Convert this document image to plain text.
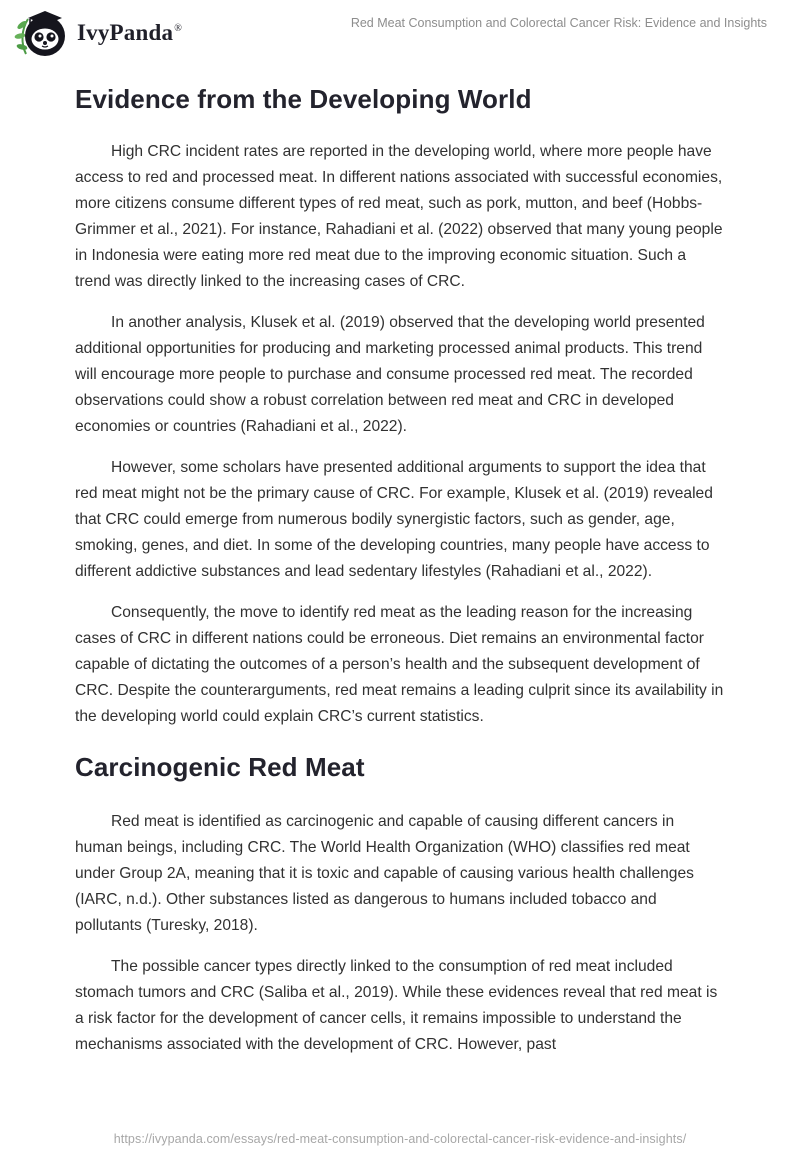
IvyPanda®	Red Meat Consumption and Colorectal Cancer Risk: Evidence and Insights
Evidence from the Developing World

High CRC incident rates are reported in the developing world, where more people have access to red and processed meat. In different nations associated with successful economies, more citizens consume different types of red meat, such as pork, mutton, and beef (Hobbs-Grimmer et al., 2021). For instance, Rahadiani et al. (2022) observed that many young people in Indonesia were eating more red meat due to the improving economic situation. Such a trend was directly linked to the increasing cases of CRC.

In another analysis, Klusek et al. (2019) observed that the developing world presented additional opportunities for producing and marketing processed animal products. This trend will encourage more people to purchase and consume processed red meat. The recorded observations could show a robust correlation between red meat and CRC in developed economies or countries (Rahadiani et al., 2022).

However, some scholars have presented additional arguments to support the idea that red meat might not be the primary cause of CRC. For example, Klusek et al. (2019) revealed that CRC could emerge from numerous bodily synergistic factors, such as gender, age, smoking, genes, and diet. In some of the developing countries, many people have access to different addictive substances and lead sedentary lifestyles (Rahadiani et al., 2022).

Consequently, the move to identify red meat as the leading reason for the increasing cases of CRC in different nations could be erroneous. Diet remains an environmental factor capable of dictating the outcomes of a person’s health and the subsequent development of CRC. Despite the counterarguments, red meat remains a leading culprit since its availability in the developing world could explain CRC’s current statistics.

Carcinogenic Red Meat

Red meat is identified as carcinogenic and capable of causing different cancers in human beings, including CRC. The World Health Organization (WHO) classifies red meat under Group 2A, meaning that it is toxic and capable of causing various health challenges (IARC, n.d.). Other substances listed as dangerous to humans included tobacco and pollutants (Turesky, 2018).

The possible cancer types directly linked to the consumption of red meat included stomach tumors and CRC (Saliba et al., 2019). While these evidences reveal that red meat is a risk factor for the development of cancer cells, it remains impossible to understand the mechanisms associated with the development of CRC. However, past

https://ivypanda.com/essays/red-meat-consumption-and-colorectal-cancer-risk-evidence-and-insights/
